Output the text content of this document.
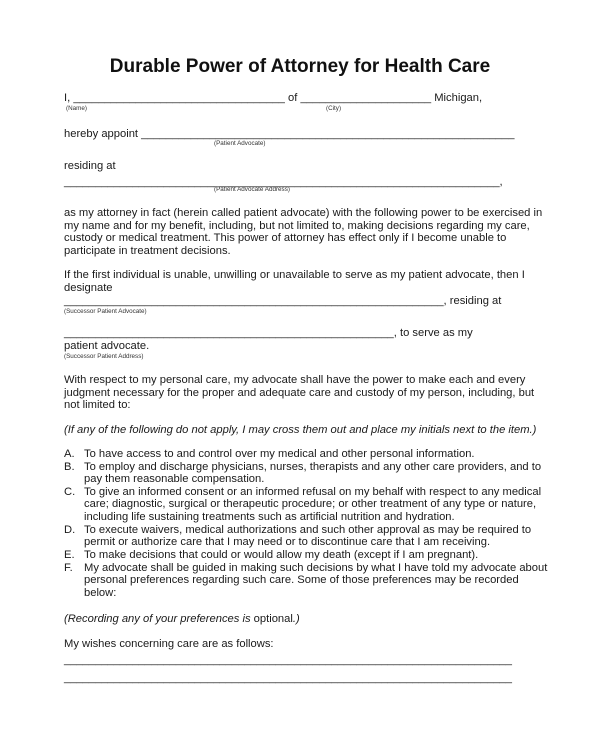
Durable Power of Attorney for Health Care
I, __________________________________ of _____________________ Michigan,
(Name)	(City)
hereby appoint ____________________________________________________________
(Patient Advocate)
residing at
______________________________________________________________________,
(Patient Advocate Address)
as my attorney in fact (herein called patient advocate) with the following power to be exercised in my name and for my benefit, including, but not limited to, making decisions regarding my care, custody or medical treatment. This power of attorney has effect only if I become unable to participate in treatment decisions.
If the first individual is unable, unwilling or unavailable to serve as my patient advocate, then I designate
_____________________________________________________________, residing at
(Successor Patient Advocate)
_____________________________________________________, to serve as my
patient advocate.
(Successor Patient Address)
With respect to my personal care, my advocate shall have the power to make each and every judgment necessary for the proper and adequate care and custody of my person, including, but not limited to:
(If any of the following do not apply, I may cross them out and place my initials next to the item.)
A. To have access to and control over my medical and other personal information.
B. To employ and discharge physicians, nurses, therapists and any other care providers, and to pay them reasonable compensation.
C. To give an informed consent or an informed refusal on my behalf with respect to any medical care; diagnostic, surgical or therapeutic procedure; or other treatment of any type or nature, including life sustaining treatments such as artificial nutrition and hydration.
D. To execute waivers, medical authorizations and such other approval as may be required to permit or authorize care that I may need or to discontinue care that I am receiving.
E. To make decisions that could or would allow my death (except if I am pregnant).
F. My advocate shall be guided in making such decisions by what I have told my advocate about personal preferences regarding such care. Some of those preferences may be recorded below:
(Recording any of your preferences is optional.)
My wishes concerning care are as follows:
________________________________________________________________________
________________________________________________________________________
